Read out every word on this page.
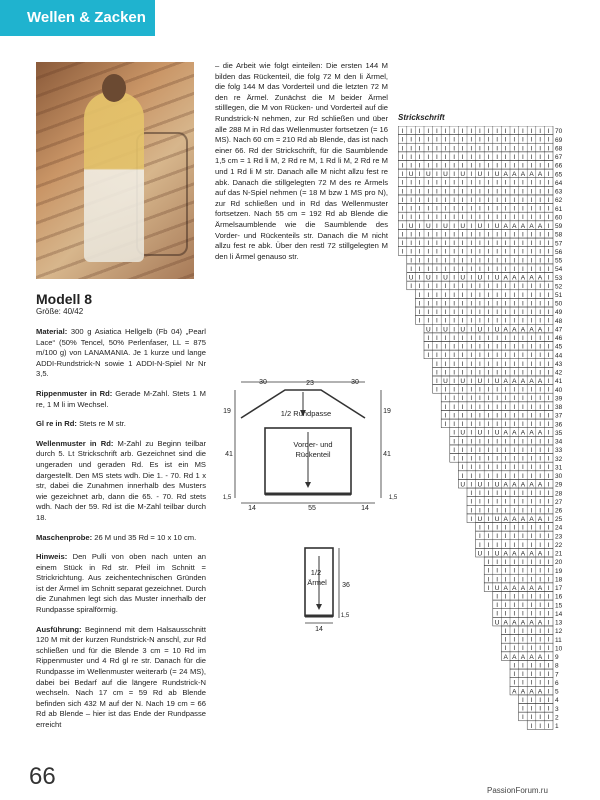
Wellen & Zacken
Modell 8
Größe: 40/42

Material: 300 g Asiatica Hellgelb (Fb 04) „Pearl Lace“ (50% Tencel, 50% Perlenfaser, LL = 875 m/100 g) von LANAMANIA. Je 1 kurze und lange ADDI-Rundstrick-N sowie 1 ADDI-N-Spiel Nr Nr 3,5.

Rippenmuster in Rd: Gerade M-Zahl. Stets 1 M re, 1 M li im Wechsel.

Gl re in Rd: Stets re M str.

Wellenmuster in Rd: M-Zahl zu Beginn teilbar durch 5. Lt Strickschrift arb. Gezeichnet sind die ungeraden und geraden Rd. Es ist ein MS dargestellt. Den MS stets wdh. Die 1. - 70. Rd 1 x str, dabei die Zunahmen innerhalb des Musters wie gezeichnet arb, dann die 65. - 70. Rd stets wdh. Nach der 59. Rd ist die M-Zahl teilbar durch 18.

Maschenprobe: 26 M und 35 Rd = 10 x 10 cm.

Hinweis: Den Pulli von oben nach unten an einem Stück in Rd str. Pfeil im Schnitt = Strickrichtung. Aus zeichentechnischen Gründen ist der Ärmel im Schnitt separat gezeichnet. Durch die Zunahmen legt sich das Muster innerhalb der Rundpasse spiralförmig.

Ausführung: Beginnend mit dem Halsausschnitt 120 M mit der kurzen Rundstrick-N anschl, zur Rd schließen und für die Blende 3 cm = 10 Rd im Rippenmuster und 4 Rd gl re str. Danach für die Rundpasse im Wellenmuster weiterarb (= 24 MS), dabei bei Bedarf auf die längere Rundstrick-N wechseln. Nach 17 cm = 59 Rd ab Blende befinden sich 432 M auf der N. Nach 19 cm = 66 Rd ab Blende – hier ist das Ende der Rundpasse erreicht

– die Arbeit wie folgt einteilen: Die ersten 144 M bilden das Rückenteil, die folg 72 M den li Ärmel, die folg 144 M das Vorderteil und die letzten 72 M den re Ärmel. Zunächst die M beider Ärmel stilllegen, die M von Rücken- und Vorderteil auf die Rundstrick-N nehmen, zur Rd schließen und über alle 288 M in Rd das Wellenmuster fortsetzen (= 16 MS). Nach 60 cm = 210 Rd ab Blende, das ist nach einer 66. Rd der Strickschrift, für die Saumblende 1,5 cm = 1 Rd li M, 2 Rd re M, 1 Rd li M, 2 Rd re M und 1 Rd li M str. Danach alle M nicht allzu fest re abk. Danach die stillgelegten 72 M des re Ärmels auf das N-Spiel nehmen (= 18 M bzw 1 MS pro N), zur Rd schließen und in Rd das Wellenmuster fortsetzen. Nach 55 cm = 192 Rd ab Blende die Ärmelsaumblende wie die Saumblende des Vorder- und Rückenteils str. Danach die M nicht allzu fest re abk. Über den restl 72 stillgelegten M den li Ärmel genauso str.
30	23	30
1/2 Rundpasse
19	19
Vorder- und
Rückenteil
41	41
1,5	1,5
14	55	14
1/2
Ärmel 36
1,5
14
Strickschrift
I I I I I I I I I I I I I I I I I I 70
I I I I I I I I I I I I I I I I I I 69
I I I I I I I I I I I I I I I I I I 68
I I I I I I I I I I I I I I I I I I 67
I I I I I I I I I I I I I I I I I I 66
I U I U I U I U I U I U A A A A A I 65
I I I I I I I I I I I I I I I I I I 64
I I I I I I I I I I I I I I I I I I 63
I I I I I I I I I I I I I I I I I I 62
I I I I I I I I I I I I I I I I I I 61
I I I I I I I I I I I I I I I I I I 60
I U I U I U I U I U I U A A A A A I 59
I I I I I I I I I I I I I I I I I I 58
I I I I I I I I I I I I I I I I I I 57
I I I I I I I I I I I I I I I I I I 56
I I I I I I I I I I I I I I I I I 55
I I I I I I I I I I I I I I I I I 54
U I U I U I U I U I U A A A A A I 53
I I I I I I I I I I I I I I I I I 52
I I I I I I I I I I I I I I I I 51
I I I I I I I I I I I I I I I I 50
I I I I I I I I I I I I I I I I 49
I I I I I I I I I I I I I I I I 48
U I U I U I U I U A A A A A I 47
I I I I I I I I I I I I I I I 46
I I I I I I I I I I I I I I I 45
I I I I I I I I I I I I I I I 44
I I I I I I I I I I I I I I 43
I I I I I I I I I I I I I I 42
I U I U I U I U A A A A A I 41
I I I I I I I I I I I I I I 40
I I I I I I I I I I I I I 39
I I I I I I I I I I I I I 38
I I I I I I I I I I I I I 37
I I I I I I I I I I I I I 36
I U I U I U A A A A A I 35
I I I I I I I I I I I I 34
I I I I I I I I I I I I 33
I I I I I I I I I I I I 32
I I I I I I I I I I I 31
I I I I I I I I I I I 30
U I U I U A A A A A I 29
I I I I I I I I I I 28
I I I I I I I I I I 27
I I I I I I I I I I 26
I U I U A A A A A I 25
I I I I I I I I I 24
I I I I I I I I I 23
I I I I I I I I I 22
U I U A A A A A I 21
I I I I I I I I 20
I I I I I I I I 19
I I I I I I I I 18
I U A A A A A I 17
I I I I I I I 16
I I I I I I I 15
I I I I I I I 14
U A A A A A I 13
I I I I I I 12
I I I I I I 11
I I I I I I 10
A A A A A I 9
I I I I I 8
I I I I I 7
I I I I I 6
A A A A I 5
I I I I 4
I I I I 3
I I I I 2
I I I 1
66
PassionForum.ru
